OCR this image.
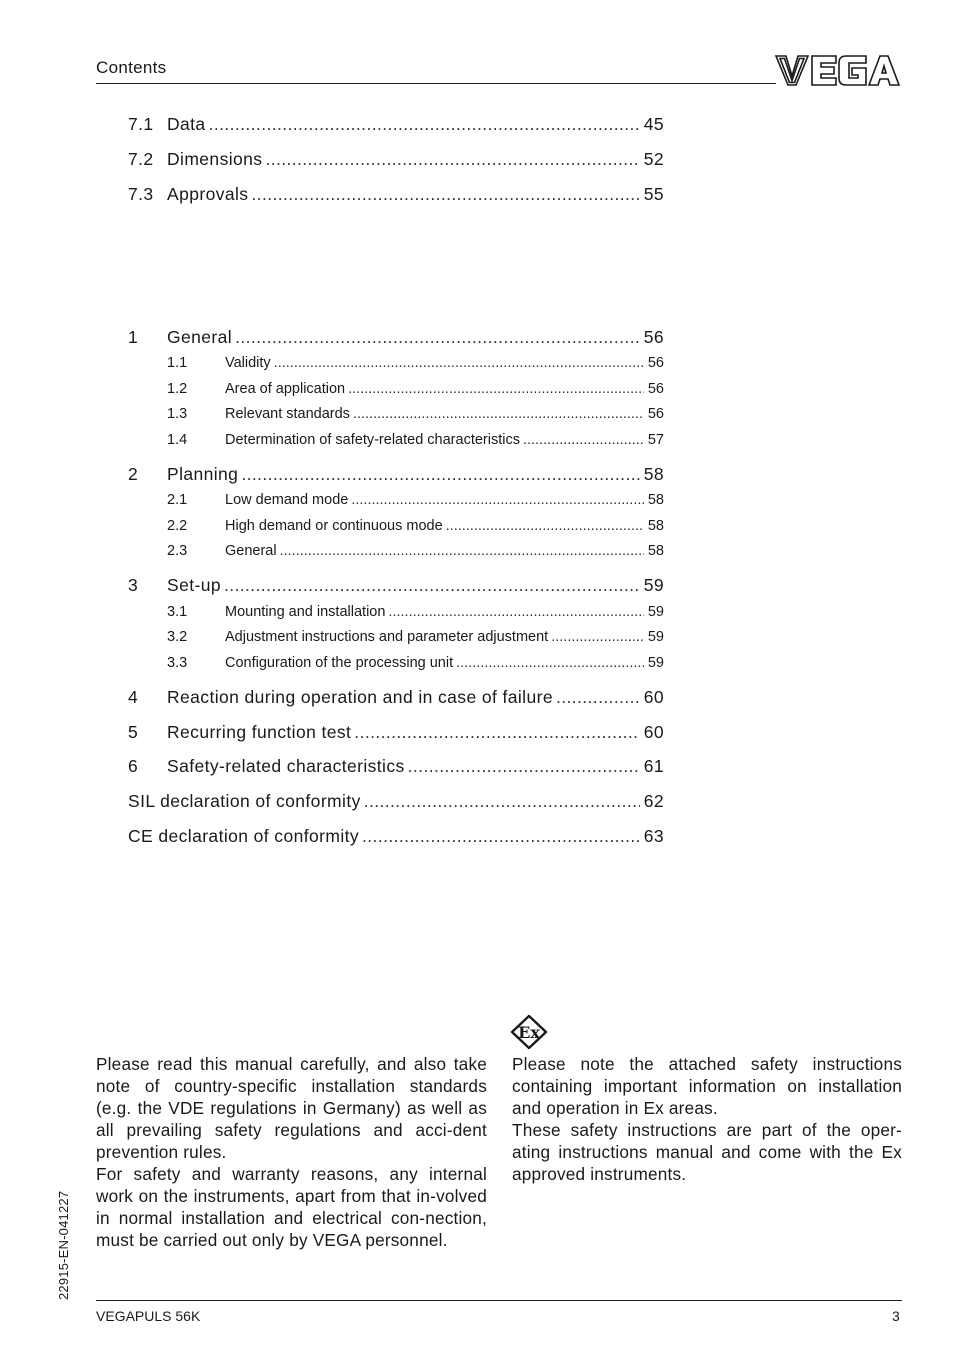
Contents
7.1 Data .....	45
7.2 Dimensions .....	52
7.3 Approvals .....	55
1	General .....	56
1.1	Validity .....	56
1.2	Area of application .....	56
1.3	Relevant standards .....	56
1.4	Determination of safety-related characteristics .....	57
2	Planning .....	58
2.1	Low demand mode .....	58
2.2	High demand or continuous mode .....	58
2.3	General .....	58
3	Set-up .....	59
3.1	Mounting and installation .....	59
3.2	Adjustment instructions and parameter adjustment .....	59
3.3	Configuration of the processing unit .....	59
4	Reaction during operation and in case of failure .....	60
5	Recurring function test .....	60
6	Safety-related characteristics .....	61
SIL declaration of conformity .....	62
CE declaration of conformity .....	63
Ex

Please read this manual carefully, and also take note of country-specific installation standards (e.g. the VDE regulations in Germany) as well as all prevailing safety regulations and acci-dent prevention rules.

For safety and warranty reasons, any internal work on the instruments, apart from that in-volved in normal installation and electrical con-nection, must be carried out only by VEGA personnel.

Please note the attached safety instructions containing important information on installation and operation in Ex areas.

These safety instructions are part of the oper-ating instructions manual and come with the Ex approved instruments.

22915-EN-041227
VEGAPULS 56K	3
